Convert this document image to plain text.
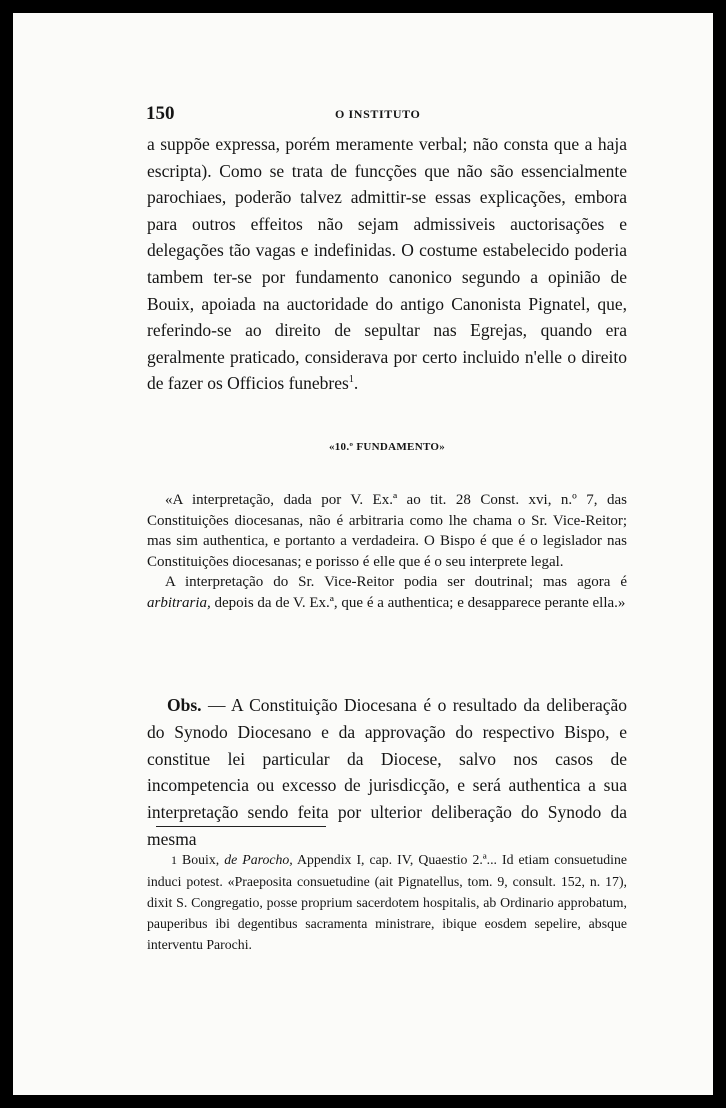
150	O INSTITUTO

a suppõe expressa, porém meramente verbal; não consta que a haja escripta). Como se trata de funcções que não são essencialmente parochiaes, poderão talvez admittir-se essas explicações, embora para outros effeitos não sejam admissiveis auctorisações e delegações tão vagas e indefinidas. O costume estabelecido poderia tambem ter-se por fundamento canonico segundo a opinião de Bouix, apoiada na auctoridade do antigo Canonista Pignatel, que, referindo-se ao direito de sepultar nas Egrejas, quando era geralmente praticado, considerava por certo incluido n'elle o direito de fazer os Officios funebres$^1$.

«10.º FUNDAMENTO»

«A interpretação, dada por V. Ex.ª ao tit. 28 Const. xvi, n.º 7, das Constituições diocesanas, não é arbitraria como lhe chama o Sr. Vice-Reitor; mas sim authentica, e portanto a verdadeira. O Bispo é que é o legislador nas Constituições diocesanas; e porisso é elle que é o seu interprete legal.

A interpretação do Sr. Vice-Reitor podia ser doutrinal; mas agora é arbitraria, depois da de V. Ex.ª, que é a authentica; e desapparece perante ella.»

Obs. — A Constituição Diocesana é o resultado da deliberação do Synodo Diocesano e da approvação do respectivo Bispo, e constitue lei particular da Diocese, salvo nos casos de incompetencia ou excesso de jurisdicção, e será authentica a sua interpretação sendo feita por ulterior deliberação do Synodo da mesma

1 Bouix, de Parocho, Appendix I, cap. IV, Quaestio 2.ª... Id etiam consuetudine induci potest. «Praeposita consuetudine (ait Pignatellus, tom. 9, consult. 152, n. 17), dixit S. Congregatio, posse proprium sacerdotem hospitalis, ab Ordinario approbatum, pauperibus ibi degentibus sacramenta ministrare, ibique eosdem sepelire, absque interventu Parochi.
